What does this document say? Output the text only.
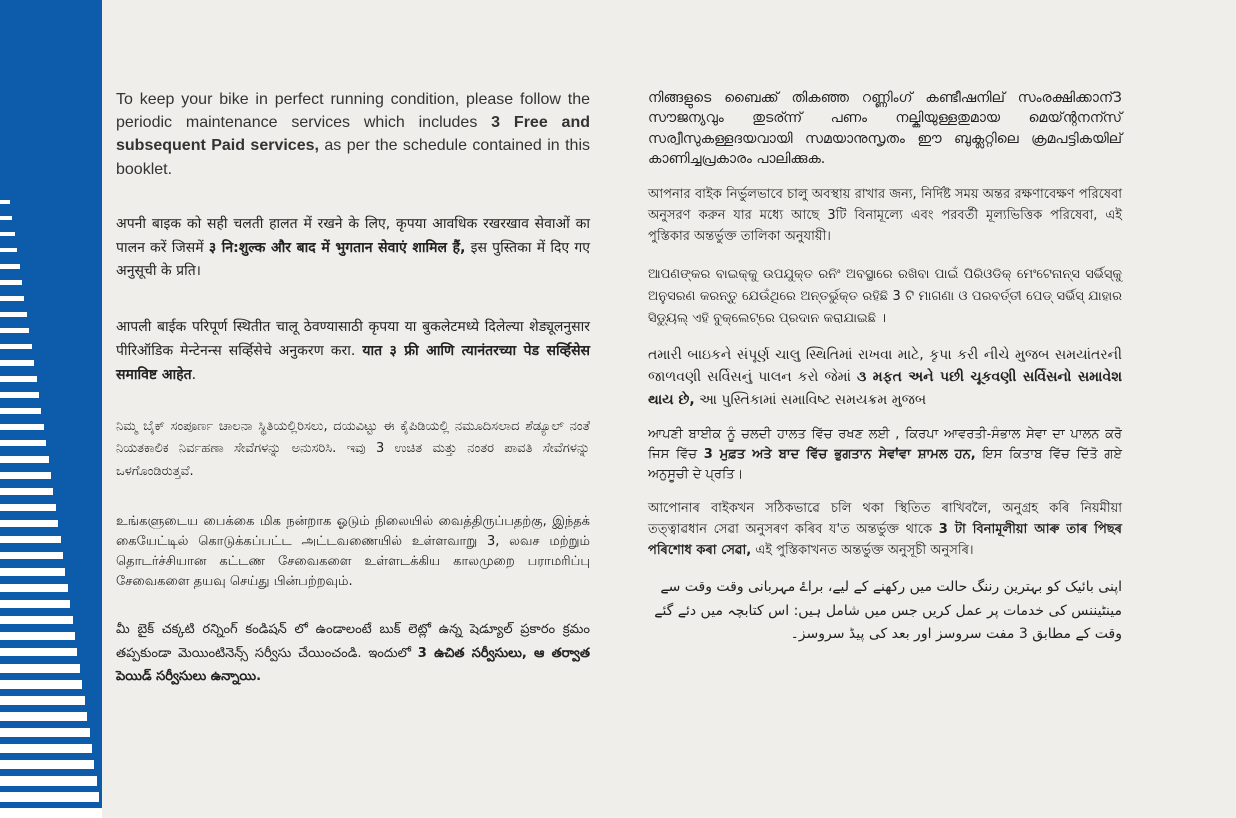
To keep your bike in perfect running condition, please follow the periodic maintenance services which includes 3 Free and subsequent Paid services, as per the schedule contained in this booklet.

अपनी बाइक को सही चलती हालत में रखने के लिए, कृपया आवधिक रखरखाव सेवाओं का पालन करें जिसमें ३ नि:शुल्क और बाद में भुगतान सेवाएं शामिल हैं, इस पुस्तिका में दिए गए अनुसूची के प्रति।

आपली बाईक परिपूर्ण स्थितीत चालू ठेवण्यासाठी कृपया या बुकलेटमध्ये दिलेल्या शेड्यूलनुसार पीरिऑडिक मेन्टेनन्स सर्व्हिसेचे अनुकरण करा. यात ३ फ्री आणि त्यानंतरच्या पेड सर्व्हिसेस समाविष्ट आहेत.

ನಿಮ್ಮ ಬೈಕ್ ಸಂಪೂರ್ಣ ಚಾಲನಾ ಸ್ಥಿತಿಯಲ್ಲಿರಿಸಲು, ದಯವಿಟ್ಟು ಈ ಕೈಪಿಡಿಯಲ್ಲಿ ನಮೂದಿಸಲಾದ ಶೆಡ್ಯೂಲ್ ನಂತೆ ನಿಯತಕಾಲಿಕ ನಿರ್ವಹಣಾ ಸೇವೆಗಳನ್ನು ಅನುಸರಿಸಿ. ಇವು 3 ಉಚಿತ ಮತ್ತು ನಂತರ ಪಾವತಿ ಸೇವೆಗಳನ್ನು ಒಳಗೊಂಡಿರುತ್ತವೆ.

உங்களுடைய பைக்கை மிக நன்றாக ஓடும் நிலையில் வைத்திருப்பதற்கு, இந்தக் கையேட்டில் கொடுக்கப்பட்ட அட்டவணையில் உள்ளவாறு 3, லவச மற்றும் தொடர்ச்சியான கட்டண சேவைகளை உள்ளடக்கிய காலமுறை பராமரிப்பு சேவைகளை தயவு செய்து பின்பற்றவும்.

మీ బైక్ చక్కటి రన్నింగ్ కండిషన్ లో ఉండాలంటే బుక్ లెట్లో ఉన్న షెడ్యూల్ ప్రకారం క్రమం తప్పకుండా మెయింటినెన్స్ సర్వీసు చేయించండి. ఇందులో 3 ఉచిత సర్వీసులు, ఆ తర్వాత పెయిడ్ సర్వీసులు ఉన్నాయి.

നിങ്ങളുടെ ബൈക്ക് തികഞ്ഞ റണ്ണിംഗ് കണ്ടീഷനില് സംരക്ഷിക്കാന്3 സൗജന്യവും തുടര്ന്ന് പണം നല്കിയുള്ളതുമായ മെയ്ന്റനന്സ് സര്വീസുകള്ളദയവായി സമയാനുസൃതം ഈ ബുക്ലറ്റിലെ ക്രമപട്ടികയില് കാണിച്ചപ്രകാരം പാലിക്കുക.

আপনার বাইক নির্ভুলভাবে চালু অবস্থায় রাখার জন্য, নির্দিষ্ট সময় অন্তর রক্ষণাবেক্ষণ পরিষেবা অনুসরণ করুন যার মধ্যে আছে 3টি বিনামূল্যে এবং পরবর্তী মূল্যভিত্তিক পরিষেবা, এই পুস্তিকার অন্তর্ভুক্ত তালিকা অনুযায়ী।

ଆପଣଙ୍କର ବାଇକ୍‌କୁ ଉପଯୁକ୍ତ ରନିଂ ଅବସ୍ଥାରେ ରଖିବା ପାଇଁ ପିରିଓଡିକ୍ ମେଂଟେନାନ୍ସ ସର୍ଭିସ୍‌କୁ ଅନୁସରଣ କରନ୍ତୁ ଯେଉଁଥିରେ ଅନ୍ତର୍ଭୁକ୍ତ ରହିଛି 3 ଟି ମାଗଣା ଓ ପରବର୍ତ୍ତୀ ପେଡ୍ ସର୍ଭିସ୍ ଯାହାର ସିଡ୍ୟୁଲ୍ ଏହି ବୁକ୍‌ଲେଟ୍‌ରେ ପ୍ରଦାନ କରାଯାଇଛି ।

તમારી બાઇકને સંપૂર્ણ ચાલુ સ્થિતિમાં રાખવા માટે, કૃપા કરી નીચે મુજબ સમયાંતરની જાળવણી સર્વિસનું પાલન કરો જેમાં ૩ મફત અને પછી ચૂકવણી સર્વિસનો સમાવેશ થાય છે, આ પુસ્તિકામાં સમાવિષ્ટ સમયક્રમ મુજબ

ਆਪਣੀ ਬਾਈਕ ਨੂੰ ਚਲਦੀ ਹਾਲਤ ਵਿੱਚ ਰਖਣ ਲਈ , ਕਿਰਪਾ ਆਵਰਤੀ-ਸੰਭਾਲ ਸੇਵਾ ਦਾ ਪਾਲਨ ਕਰੋ ਜਿਸ ਵਿੱਚ 3 ਮੁਫ਼ਤ ਅਤੇ ਬਾਦ ਵਿੱਚ ਭੁਗਤਾਨ ਸੇਵਾਂਵਾ ਸ਼ਾਮਲ ਹਨ, ਇਸ ਕਿਤਾਬ ਵਿੱਚ ਦਿੱਤੋ ਗਏ ਅਨੁਸੂਚੀ ਦੇ ਪ੍ਰਤਿ।

আপোনাৰ বাইকখন সঠিকভাৱে চলি থকা স্থিতিত ৰাখিবলৈ, অনুগ্ৰহ কৰি নিয়মীয়া তত্ত্বাৱধান সেৱা অনুসৰণ কৰিব য'ত অন্তৰ্ভুক্ত থাকে 3 টা বিনামূলীয়া আৰু তাৰ পিছৰ পৰিশোধ কৰা সেৱা, এই পুস্তিকাখনত অন্তৰ্ভুক্ত অনুসূচী অনুসৰি।

اپنی بائیک کو بہترین رننگ حالت میں رکھنے کے لیے، براۓ مہربانی وقت وقت سے مینٹیننس کی خدمات پر عمل کریں جس میں شامل ہیں: اس کتابچہ میں دئے گئے وقت کے مطابق 3 مفت سروسز اور بعد کی پیڈ سروسز۔
